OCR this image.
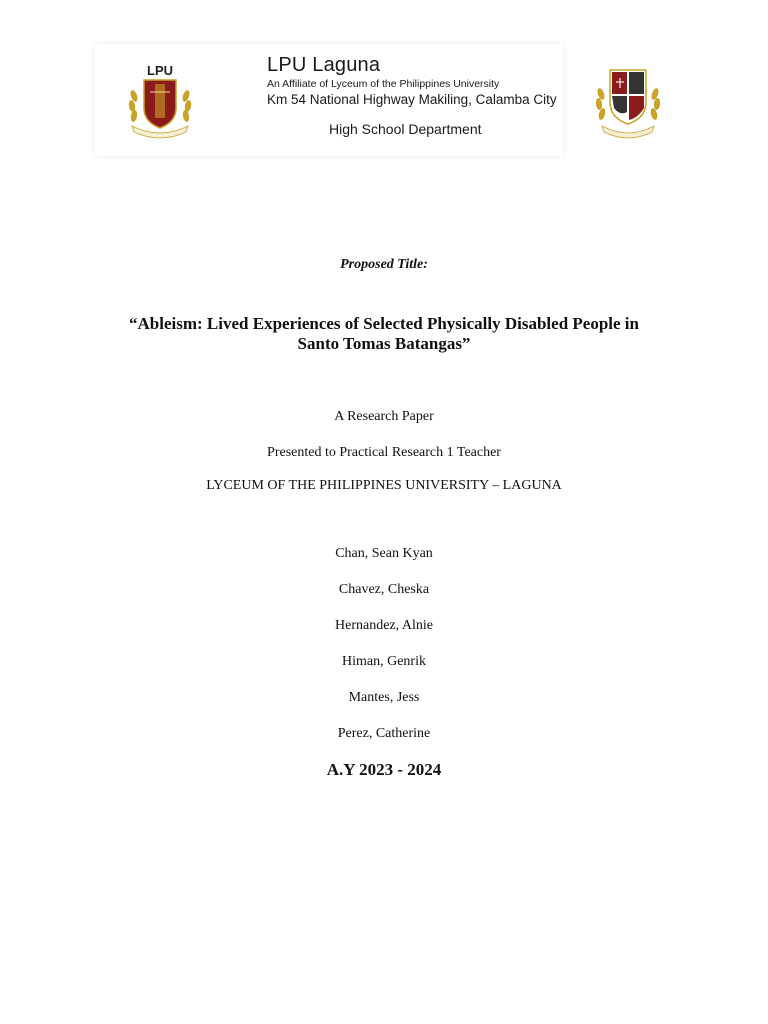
LPU	LPU Laguna
An Affiliate of Lyceum of the Philippines University
Km 54 National Highway Makiling, Calamba City
High School Department
Proposed Title:
“Ableism: Lived Experiences of Selected Physically Disabled People in
Santo Tomas Batangas”
A Research Paper
Presented to Practical Research 1 Teacher
LYCEUM OF THE PHILIPPINES UNIVERSITY – LAGUNA
Chan, Sean Kyan
Chavez, Cheska
Hernandez, Alnie
Himan, Genrik
Mantes, Jess
Perez, Catherine
A.Y 2023 - 2024
